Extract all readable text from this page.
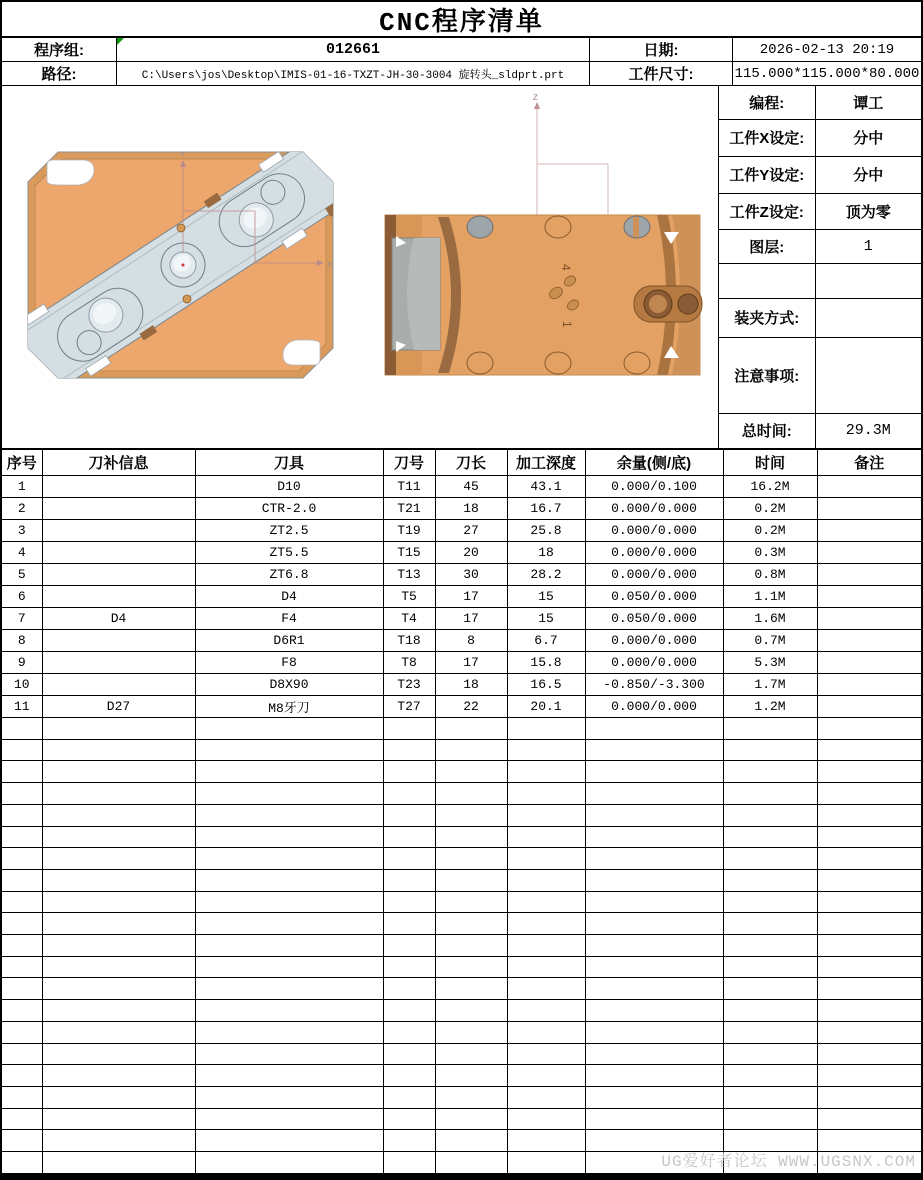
CNC程序清单
程序组:	012661	日期:	2026-02-13 20:19
路径:	C:\Users\jos\Desktop\IMIS-01-16-TXZT-JH-30-3004 旋转头_sldprt.prt	工件尺寸:	115.000*115.000*80.000
Y
X
Z
4
1
编程:	谭工
工件X设定:	分中
工件Y设定:	分中
工件Z设定:	顶为零
图层:	1

装夹方式:	
注意事项:	
总时间:	29.3M
序号	刀补信息	刀具	刀号	刀长	加工深度	余量(侧/底)	时间	备注
1		D10	T11	45	43.1	0.000/0.100	16.2M	
2		CTR-2.0	T21	18	16.7	0.000/0.000	0.2M	
3		ZT2.5	T19	27	25.8	0.000/0.000	0.2M	
4		ZT5.5	T15	20	18	0.000/0.000	0.3M	
5		ZT6.8	T13	30	28.2	0.000/0.000	0.8M	
6		D4	T5	17	15	0.050/0.000	1.1M	
7	D4	F4	T4	17	15	0.050/0.000	1.6M	
8		D6R1	T18	8	6.7	0.000/0.000	0.7M	
9		F8	T8	17	15.8	0.000/0.000	5.3M	
10		D8X90	T23	18	16.5	-0.850/-3.300	1.7M	
11	D27	M8牙刀	T27	22	20.1	0.000/0.000	1.2M	

UG爱好者论坛 WWW.UGSNX.COM
